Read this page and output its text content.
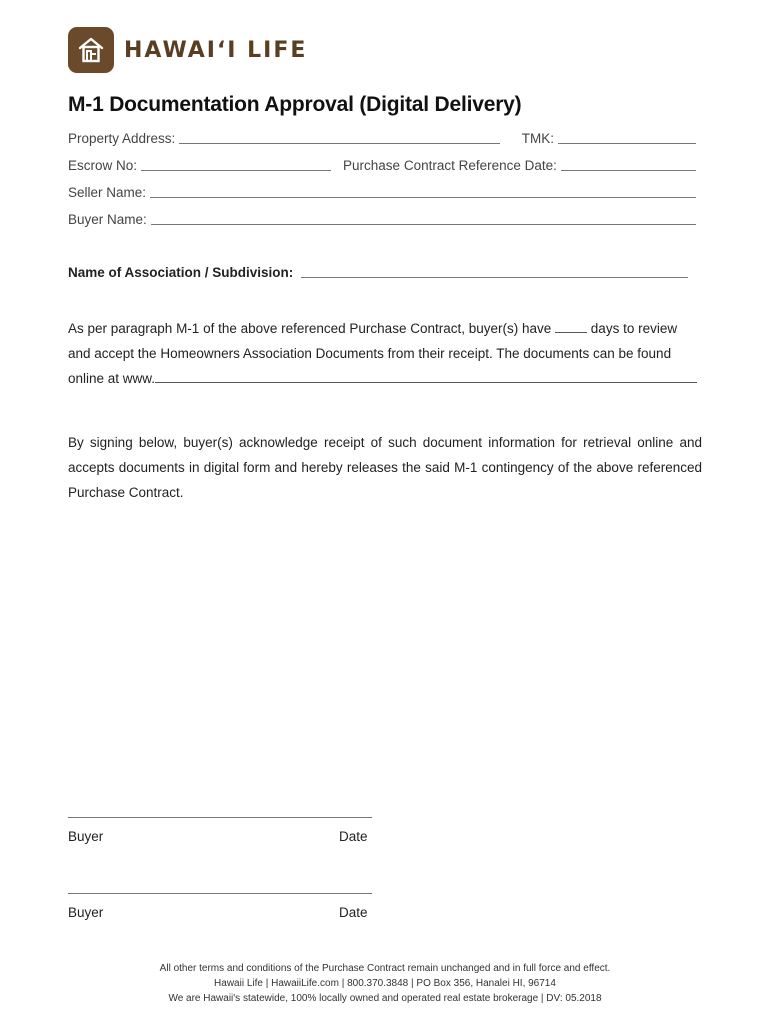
HAWAI‘I LIFE
M-1 Documentation Approval (Digital Delivery)
Property Address:	TMK:
Escrow No:	Purchase Contract Reference Date:
Seller Name:
Buyer Name:
Name of Association / Subdivision:

As per paragraph M-1 of the above referenced Purchase Contract, buyer(s) have	days to review and accept the Homeowners Association Documents from their receipt. The documents can be found online at www.

By signing below, buyer(s) acknowledge receipt of such document information for retrieval online and accepts documents in digital form and hereby releases the said M-1 contingency of the above referenced Purchase Contract.

Buyer	Date
Buyer	Date
All other terms and conditions of the Purchase Contract remain unchanged and in full force and effect.
Hawaii Life | HawaiiLife.com | 800.370.3848 | PO Box 356, Hanalei HI, 96714
We are Hawaii's statewide, 100% locally owned and operated real estate brokerage | DV: 05.2018
